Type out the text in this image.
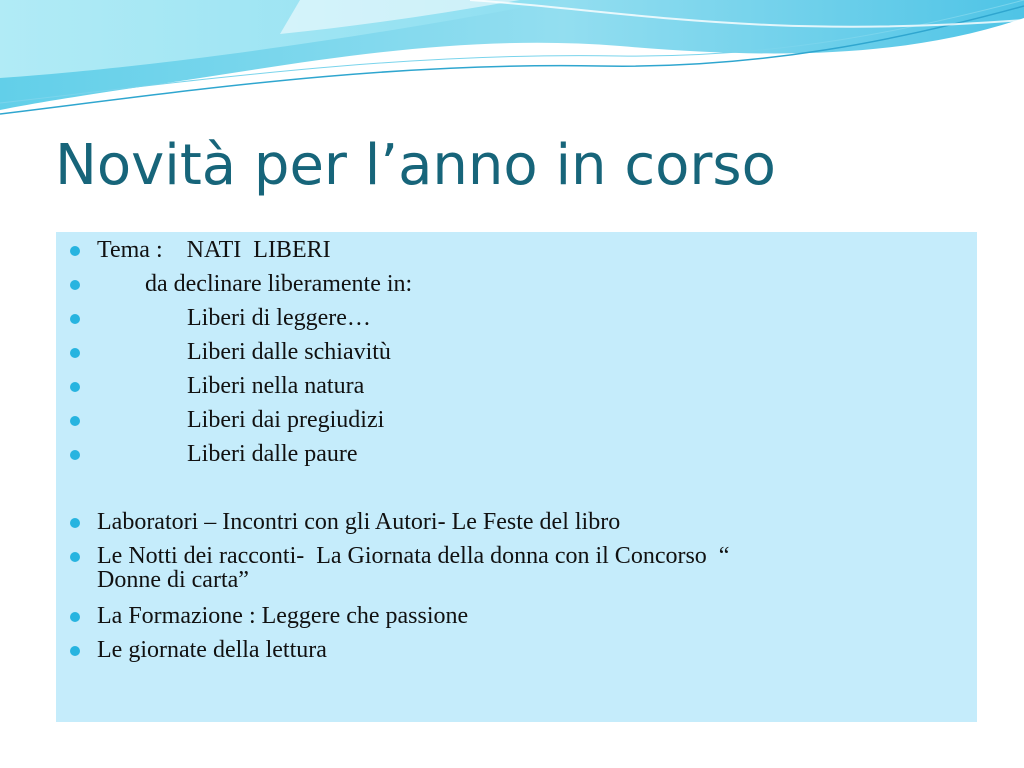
Novità per l’anno in corso

Tema :    NATI  LIBERI

da declinare liberamente in:

Liberi di leggere…

Liberi dalle schiavitù

Liberi nella natura

Liberi dai pregiudizi

Liberi dalle paure

Laboratori – Incontri con gli Autori- Le Feste del libro

Le Notti dei racconti-  La Giornata della donna con il Concorso  “
Donne di carta”

La Formazione : Leggere che passione

Le giornate della lettura
